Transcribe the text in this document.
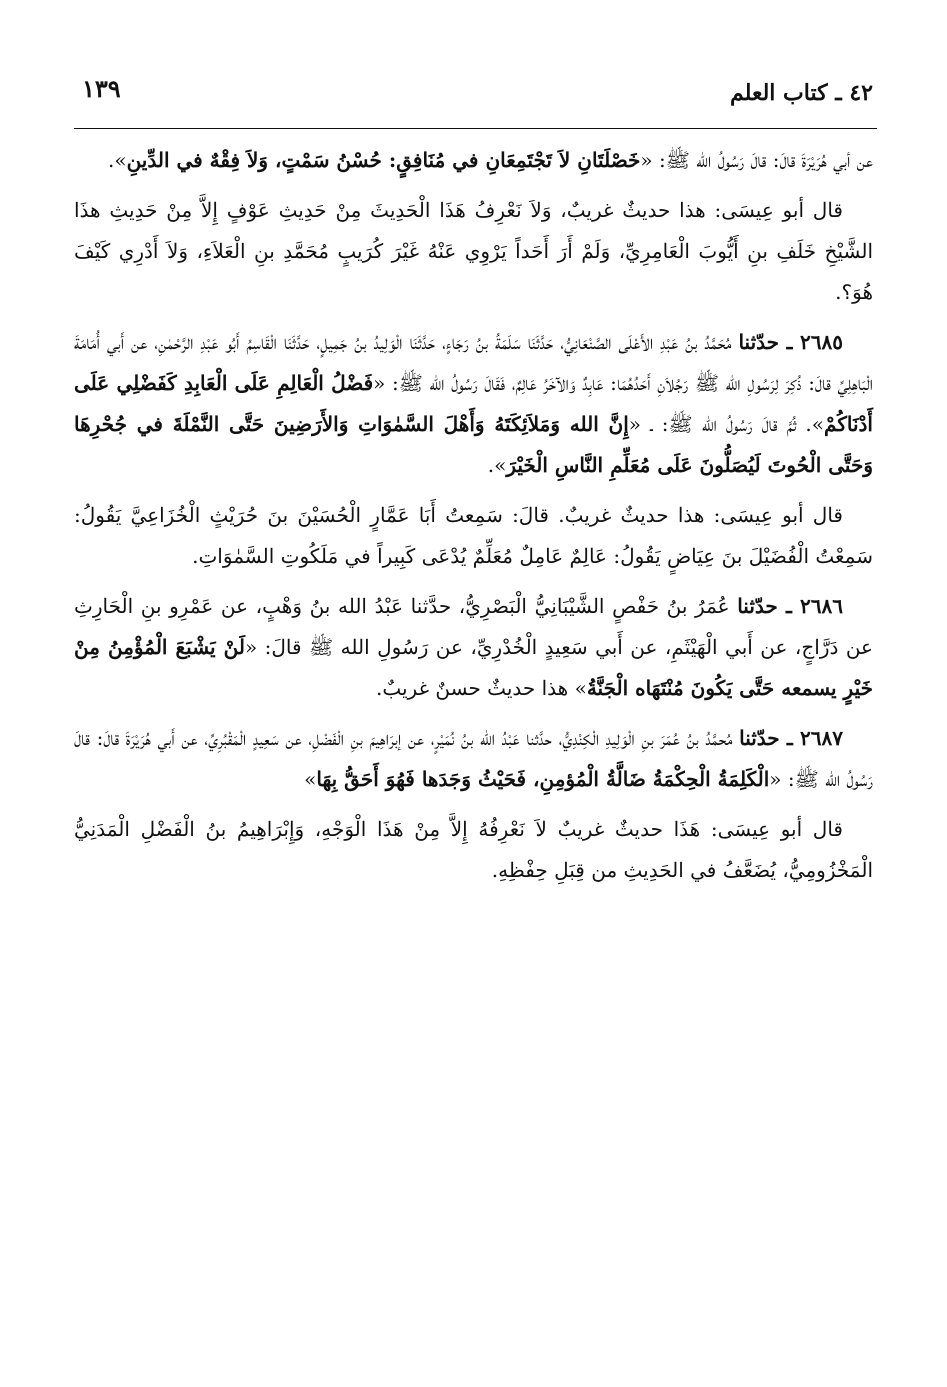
٤٢ ـ كتاب العلم
١٣٩

عن أبي هُرَيْرَةَ قالَ: قالَ رَسُولُ الله ﷺ: «خَصْلَتَانِ لاَ تَجْتَمِعَانِ في مُنَافِقٍ: حُسْنُ سَمْتٍ، وَلاَ فِقْهٌ في الدِّينِ».

قال أبو عِيسَى: هذا حديثٌ غريبٌ، وَلاَ نَعْرِفُ هَذَا الْحَدِيثَ مِنْ حَدِيثِ عَوْفٍ إِلاَّ مِنْ حَدِيثِ هذَا الشَّيْخِ خَلَفِ بنِ أَيُّوبَ الْعَامِرِيِّ، وَلَمْ أَرَ أَحَداً يَرْوِي عَنْهُ غَيْرَ كُرَيبٍ مُحَمَّدِ بنِ الْعَلاَءِ، وَلاَ أَدْرِي كَيْفَ هُوَ؟.

٢٦٨٥ ـ حدّثنا مُحَمَّدُ بنُ عَبْدِ الأَعْلَى الصَّنْعَانِيُّ، حَدَّثَنَا سَلَمَةُ بنُ رَجَاءٍ، حَدَّثَنَا الْوَلِيدُ بنُ جَمِيلٍ، حَدَّثَنَا الْقَاسِمُ أَبُو عَبْدِ الرَّحْمٰنِ، عن أَبي أُمَامَةَ الْبَاهِلِيِّ قالَ: ذُكِرَ لِرَسُولِ الله ﷺ رَجُلاَنِ أَحَدُهُمَا: عَابِدٌ وَالآخَرُ عَالِمٌ، فَقَالَ رَسُولُ الله ﷺ: «فَضْلُ الْعَالِمِ عَلَى الْعَابِدِ كَفَضْلِي عَلَى أَدْنَاكُمْ». ثُمَّ قالَ رَسُولُ الله ﷺ: ـ «إِنَّ الله وَمَلاَئِكَتَهُ وَأَهْلَ السَّمٰوَاتِ وَالأَرَضِينَ حَتَّى النَّمْلَةَ في جُحْرِهَا وَحَتَّى الْحُوتَ لَيُصَلُّونَ عَلَى مُعَلِّمِ النَّاسِ الْخَيْرَ».

قال أبو عِيسَى: هذا حديثٌ غريبٌ. قالَ: سَمِعتُ أَبَا عَمَّارٍ الْحُسَيْنَ بنَ حُرَيْثٍ الْخُزَاعِيَّ يَقُولُ: سَمِعْتُ الْفُضَيْلَ بنَ عِيَاضٍ يَقُولُ: عَالِمٌ عَامِلٌ مُعَلِّمٌ يُدْعَى كَبِيراً في مَلَكُوتِ السَّمٰوَاتِ.

٢٦٨٦ ـ حدّثنا عُمَرُ بنُ حَفْصٍ الشَّيْبَانِيُّ الْبَصْرِيُّ، حدَّثنا عَبْدُ الله بنُ وَهْبٍ، عن عَمْرِو بنِ الْحَارِثِ عن دَرَّاجٍ، عن أَبي الْهَيْثَمِ، عن أَبي سَعِيدٍ الْخُدْرِيِّ، عن رَسُولِ الله ﷺ قالَ: «لَنْ يَشْبَعَ الْمُؤْمِنُ مِنْ خَيْرٍ يسمعه حَتَّى يَكُونَ مُنْتَهَاه الْجَنَّةُ» هذا حديثٌ حسنٌ غريبٌ.

٢٦٨٧ ـ حدّثنا مُحمَّدُ بنُ عُمَرَ بنِ الْوَلِيدِ الْكِنْدِيُّ، حدَّثنا عَبْدُ الله بنُ نُمَيْرٍ، عن إبرَاهِيمَ بنِ الْفَضْلِ، عن سَعِيدٍ الْمَقْبُرِيِّ، عن أَبي هُرَيْرَةَ قالَ: قالَ رَسُولُ الله ﷺ: «الْكَلِمَةُ الْحِكْمَةُ ضَالَّةُ الْمُؤمِنِ، فَحَيْثُ وَجَدَها فَهُوَ أَحَقُّ بِهَا»

قال أبو عِيسَى: هَذَا حديثٌ غريبٌ لاَ نَعْرِفُهُ إِلاَّ مِنْ هَذَا الْوَجْهِ، وَإِبْرَاهِيمُ بنُ الْفَضْلِ الْمَدَنِيُّ الْمَخْزُومِيُّ، يُضَعَّفُ في الحَدِيثِ من قِبَلِ حِفْظِهِ.
